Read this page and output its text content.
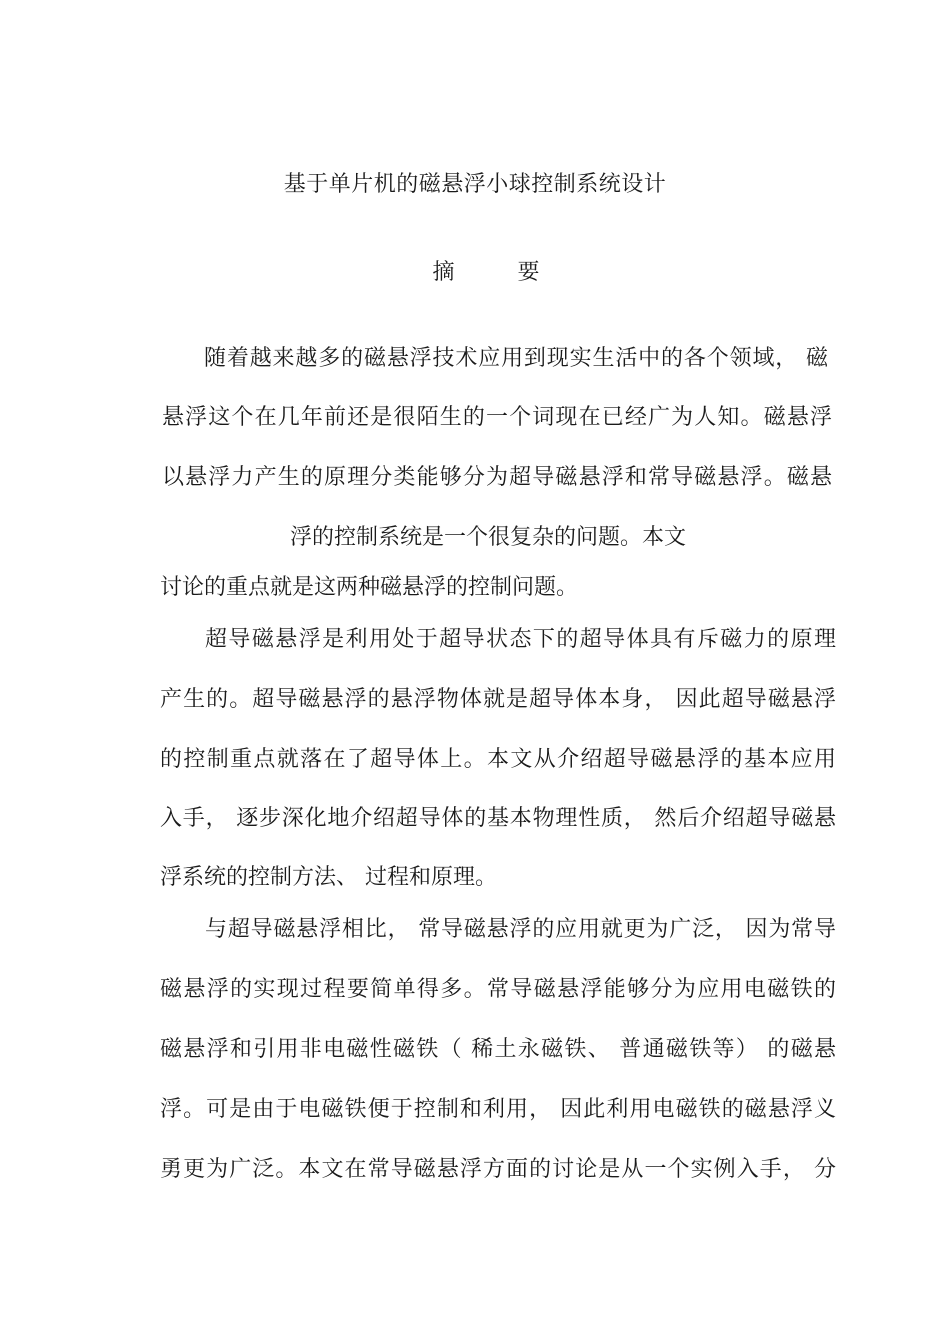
基于单片机的磁悬浮小球控制系统设计
摘 要
随着越来越多的磁悬浮技术应用到现实生活中的各个领域， 磁
悬浮这个在几年前还是很陌生的一个词现在已经广为人知。磁悬浮
以悬浮力产生的原理分类能够分为超导磁悬浮和常导磁悬浮。磁悬
浮的控制系统是一个很复杂的问题。本文
讨论的重点就是这两种磁悬浮的控制问题。
超导磁悬浮是利用处于超导状态下的超导体具有斥磁力的原理
产生的。超导磁悬浮的悬浮物体就是超导体本身， 因此超导磁悬浮
的控制重点就落在了超导体上。本文从介绍超导磁悬浮的基本应用
入手， 逐步深化地介绍超导体的基本物理性质， 然后介绍超导磁悬
浮系统的控制方法、 过程和原理。
与超导磁悬浮相比， 常导磁悬浮的应用就更为广泛， 因为常导
磁悬浮的实现过程要简单得多。常导磁悬浮能够分为应用电磁铁的
磁悬浮和引用非电磁性磁铁（ 稀土永磁铁、 普通磁铁等） 的磁悬
浮。可是由于电磁铁便于控制和利用， 因此利用电磁铁的磁悬浮义
勇更为广泛。本文在常导磁悬浮方面的讨论是从一个实例入手， 分
